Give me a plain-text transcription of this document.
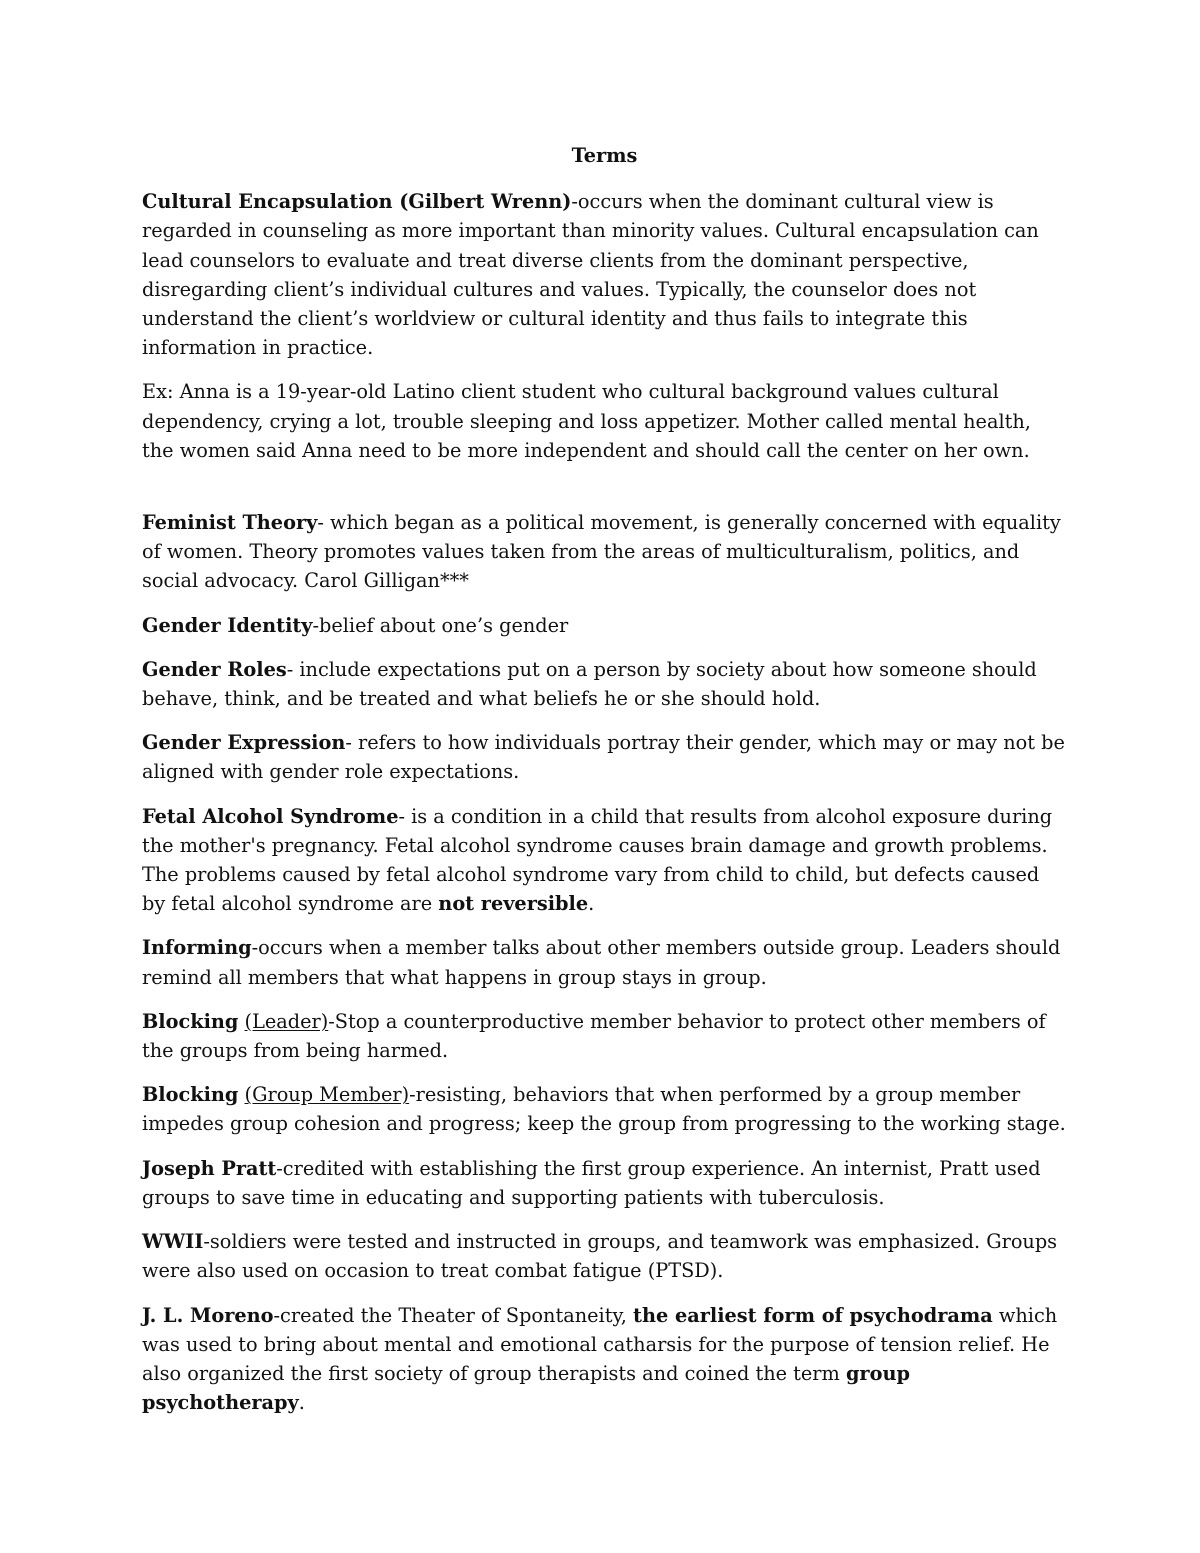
Terms

Cultural Encapsulation (Gilbert Wrenn)-occurs when the dominant cultural view is regarded in counseling as more important than minority values. Cultural encapsulation can lead counselors to evaluate and treat diverse clients from the dominant perspective, disregarding client’s individual cultures and values. Typically, the counselor does not understand the client’s worldview or cultural identity and thus fails to integrate this information in practice.

Ex: Anna is a 19-year-old Latino client student who cultural background values cultural dependency, crying a lot, trouble sleeping and loss appetizer. Mother called mental health, the women said Anna need to be more independent and should call the center on her own.

Feminist Theory- which began as a political movement, is generally concerned with equality of women. Theory promotes values taken from the areas of multiculturalism, politics, and social advocacy. Carol Gilligan***

Gender Identity-belief about one’s gender

Gender Roles- include expectations put on a person by society about how someone should behave, think, and be treated and what beliefs he or she should hold.

Gender Expression- refers to how individuals portray their gender, which may or may not be aligned with gender role expectations.

Fetal Alcohol Syndrome- is a condition in a child that results from alcohol exposure during the mother's pregnancy. Fetal alcohol syndrome causes brain damage and growth problems. The problems caused by fetal alcohol syndrome vary from child to child, but defects caused by fetal alcohol syndrome are not reversible.

Informing-occurs when a member talks about other members outside group. Leaders should remind all members that what happens in group stays in group.

Blocking (Leader)-Stop a counterproductive member behavior to protect other members of the groups from being harmed.

Blocking (Group Member)-resisting, behaviors that when performed by a group member impedes group cohesion and progress; keep the group from progressing to the working stage.

Joseph Pratt-credited with establishing the first group experience. An internist, Pratt used groups to save time in educating and supporting patients with tuberculosis.

WWII-soldiers were tested and instructed in groups, and teamwork was emphasized. Groups were also used on occasion to treat combat fatigue (PTSD).

J. L. Moreno-created the Theater of Spontaneity, the earliest form of psychodrama which was used to bring about mental and emotional catharsis for the purpose of tension relief. He also organized the first society of group therapists and coined the term group psychotherapy.
